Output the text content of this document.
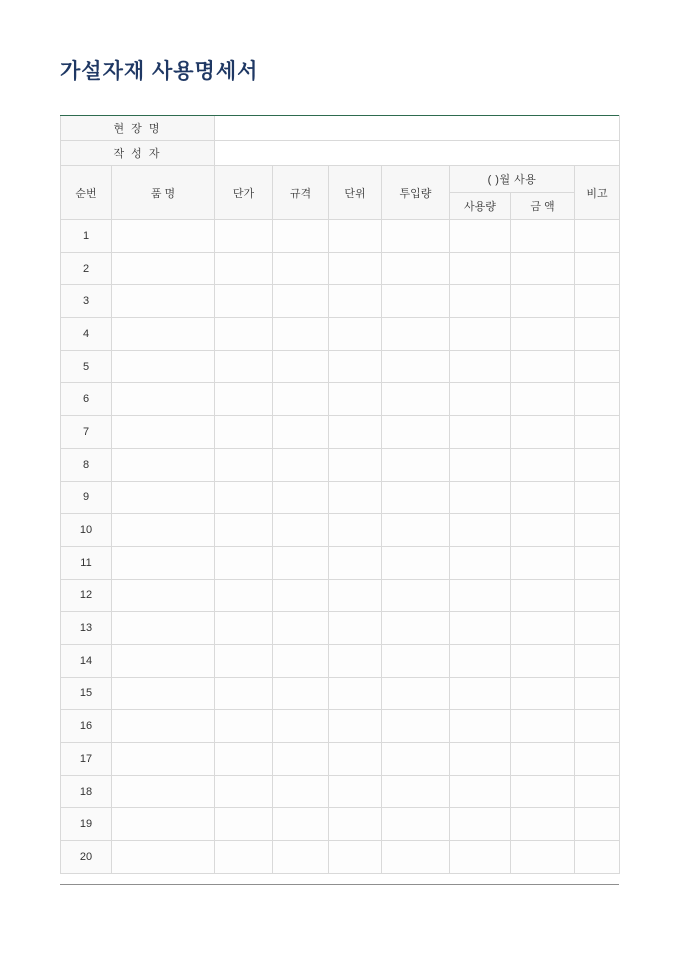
가설자재 사용명세서
현 장 명								
작 성 자								
순번	품 명	단가	규격	단위	투입량	( )월 사용		비고
						사용량	금 액	
1								
2								
3								
4								
5								
6								
7								
8								
9								
10								
11								
12								
13								
14								
15								
16								
17								
18								
19								
20								
